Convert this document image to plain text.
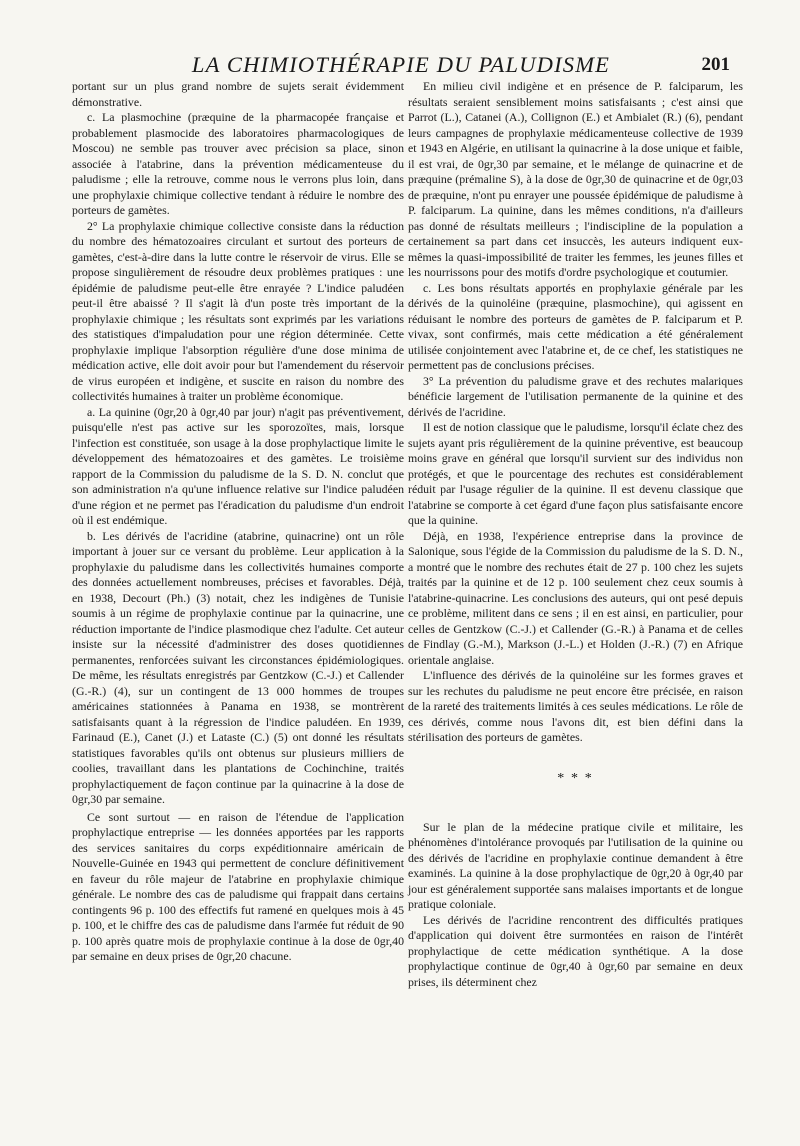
LA CHIMIOTHÉRAPIE DU PALUDISME	201

portant sur un plus grand nombre de sujets serait évidemment démonstrative.

c. La plasmochine (præquine de la pharmacopée française et probablement plasmocide des laboratoires pharmacologiques de Moscou) ne semble pas trouver avec précision sa place, sinon associée à l'atabrine, dans la prévention médicamenteuse du paludisme ; elle la retrouve, comme nous le verrons plus loin, dans une prophylaxie chimique collective tendant à réduire le nombre des porteurs de gamètes.

2° La prophylaxie chimique collective consiste dans la réduction du nombre des hématozoaires circulant et surtout des porteurs de gamètes, c'est-à-dire dans la lutte contre le réservoir de virus. Elle se propose singulièrement de résoudre deux problèmes pratiques : une épidémie de paludisme peut-elle être enrayée ? L'indice paludéen peut-il être abaissé ? Il s'agit là d'un poste très important de la prophylaxie chimique ; les résultats sont exprimés par les variations des statistiques d'impaludation pour une région déterminée. Cette prophylaxie implique l'absorption régulière d'une dose minima de médication active, elle doit avoir pour but l'amendement du réservoir de virus européen et indigène, et suscite en raison du nombre des collectivités humaines à traiter un problème économique.

a. La quinine (0gr,20 à 0gr,40 par jour) n'agit pas préventivement, puisqu'elle n'est pas active sur les sporozoïtes, mais, lorsque l'infection est constituée, son usage à la dose prophylactique limite le développement des hématozoaires et des gamètes. Le troisième rapport de la Commission du paludisme de la S. D. N. conclut que son administration n'a qu'une influence relative sur l'indice paludéen d'une région et ne permet pas l'éradication du paludisme d'un endroit où il est endémique.

b. Les dérivés de l'acridine (atabrine, quinacrine) ont un rôle important à jouer sur ce versant du problème. Leur application à la prophylaxie du paludisme dans les collectivités humaines comporte des données actuellement nombreuses, précises et favorables. Déjà, en 1938, Decourt (Ph.) (3) notait, chez les indigènes de Tunisie soumis à un régime de prophylaxie continue par la quinacrine, une réduction importante de l'indice plasmodique chez l'adulte. Cet auteur insiste sur la nécessité d'administrer des doses quotidiennes permanentes, renforcées suivant les circonstances épidémiologiques. De même, les résultats enregistrés par Gentzkow (C.-J.) et Callender (G.-R.) (4), sur un contingent de 13 000 hommes de troupes américaines stationnées à Panama en 1938, se montrèrent satisfaisants quant à la régression de l'indice paludéen. En 1939, Farinaud (E.), Canet (J.) et Lataste (C.) (5) ont donné les résultats statistiques favorables qu'ils ont obtenus sur plusieurs milliers de coolies, travaillant dans les plantations de Cochinchine, traités prophylactiquement de façon continue par la quinacrine à la dose de 0gr,30 par semaine.

Ce sont surtout — en raison de l'étendue de l'application prophylactique entreprise — les données apportées par les rapports des services sanitaires du corps expéditionnaire américain de Nouvelle-Guinée en 1943 qui permettent de conclure définitivement en faveur du rôle majeur de l'atabrine en prophylaxie chimique générale. Le nombre des cas de paludisme qui frappait dans certains contingents 96 p. 100 des effectifs fut ramené en quelques mois à 45 p. 100, et le chiffre des cas de paludisme dans l'armée fut réduit de 90 p. 100 après quatre mois de prophylaxie continue à la dose de 0gr,40 par semaine en deux prises de 0gr,20 chacune.

En milieu civil indigène et en présence de P. falciparum, les résultats seraient sensiblement moins satisfaisants ; c'est ainsi que Parrot (L.), Catanei (A.), Collignon (E.) et Ambialet (R.) (6), pendant leurs campagnes de prophylaxie médicamenteuse collective de 1939 et 1943 en Algérie, en utilisant la quinacrine à la dose unique et faible, il est vrai, de 0gr,30 par semaine, et le mélange de quinacrine et de præquine (prémaline S), à la dose de 0gr,30 de quinacrine et de 0gr,03 de præquine, n'ont pu enrayer une poussée épidémique de paludisme à P. falciparum. La quinine, dans les mêmes conditions, n'a d'ailleurs pas donné de résultats meilleurs ; l'indiscipline de la population a certainement sa part dans cet insuccès, les auteurs indiquent eux-mêmes la quasi-impossibilité de traiter les femmes, les jeunes filles et les nourrissons pour des motifs d'ordre psychologique et coutumier.

c. Les bons résultats apportés en prophylaxie générale par les dérivés de la quinoléine (præquine, plasmochine), qui agissent en réduisant le nombre des porteurs de gamètes de P. falciparum et P. vivax, sont confirmés, mais cette médication a été généralement utilisée conjointement avec l'atabrine et, de ce chef, les statistiques ne permettent pas de conclusions précises.

3° La prévention du paludisme grave et des rechutes malariques bénéficie largement de l'utilisation permanente de la quinine et des dérivés de l'acridine.

Il est de notion classique que le paludisme, lorsqu'il éclate chez des sujets ayant pris régulièrement de la quinine préventive, est beaucoup moins grave en général que lorsqu'il survient sur des individus non protégés, et que le pourcentage des rechutes est considérablement réduit par l'usage régulier de la quinine. Il est devenu classique que l'atabrine se comporte à cet égard d'une façon plus satisfaisante encore que la quinine.

Déjà, en 1938, l'expérience entreprise dans la province de Salonique, sous l'égide de la Commission du paludisme de la S. D. N., a montré que le nombre des rechutes était de 27 p. 100 chez les sujets traités par la quinine et de 12 p. 100 seulement chez ceux soumis à l'atabrine-quinacrine. Les conclusions des auteurs, qui ont pesé depuis ce problème, militent dans ce sens ; il en est ainsi, en particulier, pour celles de Gentzkow (C.-J.) et Callender (G.-R.) à Panama et de celles de Findlay (G.-M.), Markson (J.-L.) et Holden (J.-R.) (7) en Afrique orientale anglaise.

L'influence des dérivés de la quinoléine sur les formes graves et sur les rechutes du paludisme ne peut encore être précisée, en raison de la rareté des traitements limités à ces seules médications. Le rôle de ces dérivés, comme nous l'avons dit, est bien défini dans la stérilisation des porteurs de gamètes.

* * *

Sur le plan de la médecine pratique civile et militaire, les phénomènes d'intolérance provoqués par l'utilisation de la quinine ou des dérivés de l'acridine en prophylaxie continue demandent à être examinés. La quinine à la dose prophylactique de 0gr,20 à 0gr,40 par jour est généralement supportée sans malaises importants et de longue pratique coloniale.

Les dérivés de l'acridine rencontrent des difficultés pratiques d'application qui doivent être surmontées en raison de l'intérêt prophylactique de cette médication synthétique. A la dose prophylactique continue de 0gr,40 à 0gr,60 par semaine en deux prises, ils déterminent chez
